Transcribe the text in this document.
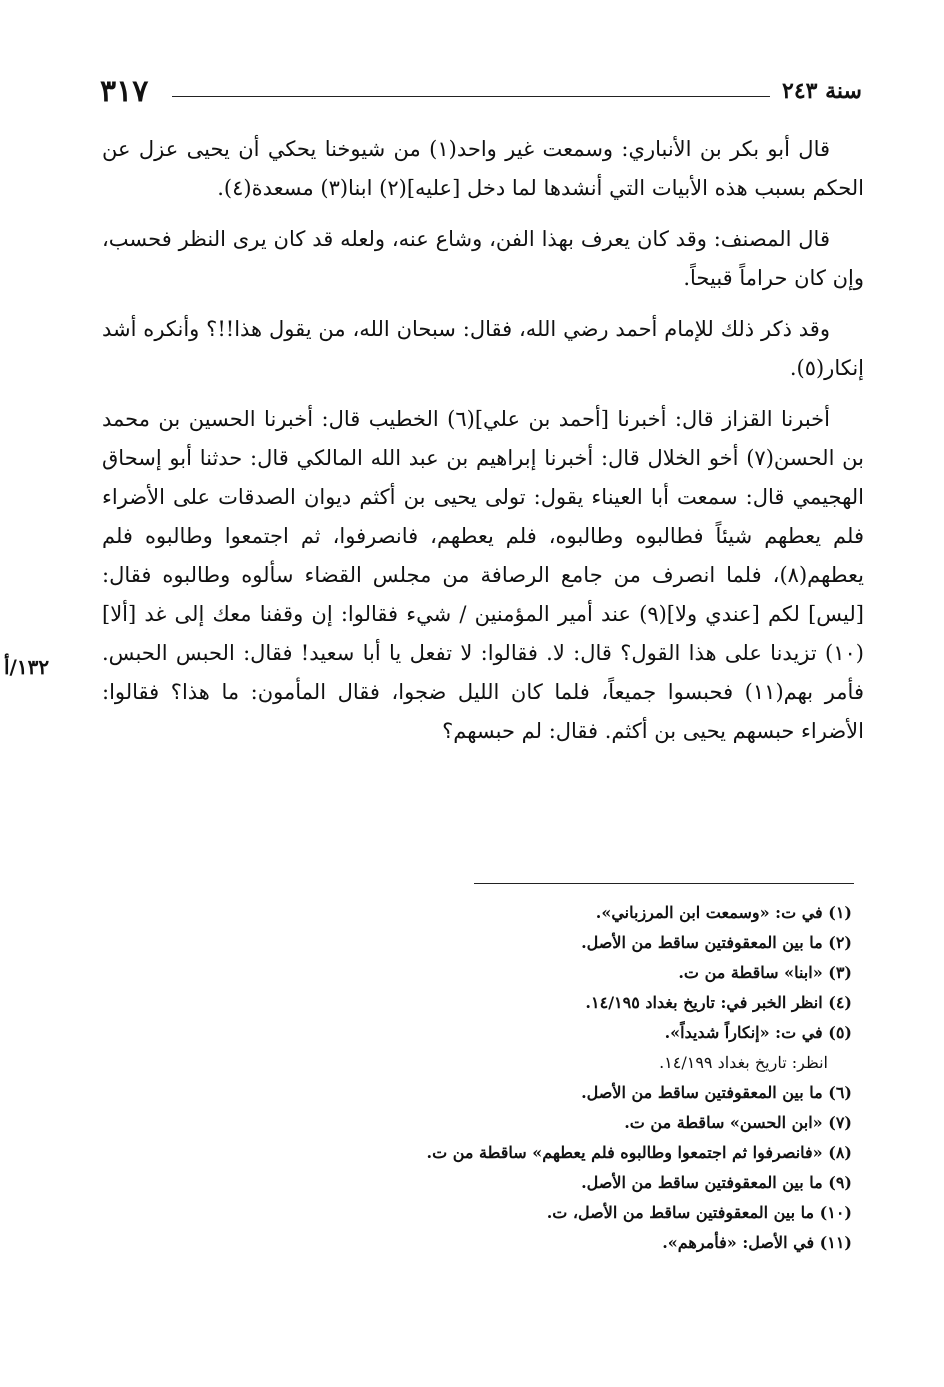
سنة ٢٤٣
٣١٧

قال أبو بكر بن الأنباري: وسمعت غير واحد(١) من شيوخنا يحكي أن يحيى عزل عن الحكم بسبب هذه الأبيات التي أنشدها لما دخل [عليه](٢) ابنا(٣) مسعدة(٤).

قال المصنف: وقد كان يعرف بهذا الفن، وشاع عنه، ولعله قد كان يرى النظر فحسب، وإن كان حراماً قبيحاً.

وقد ذكر ذلك للإمام أحمد رضي الله، فقال: سبحان الله، من يقول هذا!!؟ وأنكره أشد إنكار(٥).

أخبرنا القزاز قال: أخبرنا [أحمد بن علي](٦) الخطيب قال: أخبرنا الحسين بن محمد بن الحسن(٧) أخو الخلال قال: أخبرنا إبراهيم بن عبد الله المالكي قال: حدثنا أبو إسحاق الهجيمي قال: سمعت أبا العيناء يقول: تولى يحيى بن أكثم ديوان الصدقات على الأضراء فلم يعطهم شيئاً فطالبوه وطالبوه، فلم يعطهم، فانصرفوا، ثم اجتمعوا وطالبوه فلم يعطهم(٨)، فلما انصرف من جامع الرصافة من مجلس القضاء سألوه وطالبوه فقال: [ليس] لكم [عندي ولا](٩) عند أمير المؤمنين / شيء فقالوا: إن وقفنا معك إلى غد [ألا](١٠) تزيدنا على هذا القول؟ قال: لا. فقالوا: لا تفعل يا أبا سعيد! فقال: الحبس الحبس. فأمر بهم(١١) فحبسوا جميعاً، فلما كان الليل ضجوا، فقال المأمون: ما هذا؟ فقالوا: الأضراء حبسهم يحيى بن أكثم. فقال: لم حبسهم؟

١٣٢/أ

(١) في ت: «وسمعت ابن المرزباني».

(٢) ما بين المعقوفتين ساقط من الأصل.

(٣) «ابنا» ساقطة من ت.

(٤) انظر الخبر في: تاريخ بغداد ١٤/١٩٥.

(٥) في ت: «إنكاراً شديداً».

انظر: تاريخ بغداد ١٤/١٩٩.

(٦) ما بين المعقوفتين ساقط من الأصل.

(٧) «ابن الحسن» ساقطة من ت.

(٨) «فانصرفوا ثم اجتمعوا وطالبوه فلم يعطهم» ساقطة من ت.

(٩) ما بين المعقوفتين ساقط من الأصل.

(١٠) ما بين المعقوفتين ساقط من الأصل، ت.

(١١) في الأصل: «فأمرهم».
